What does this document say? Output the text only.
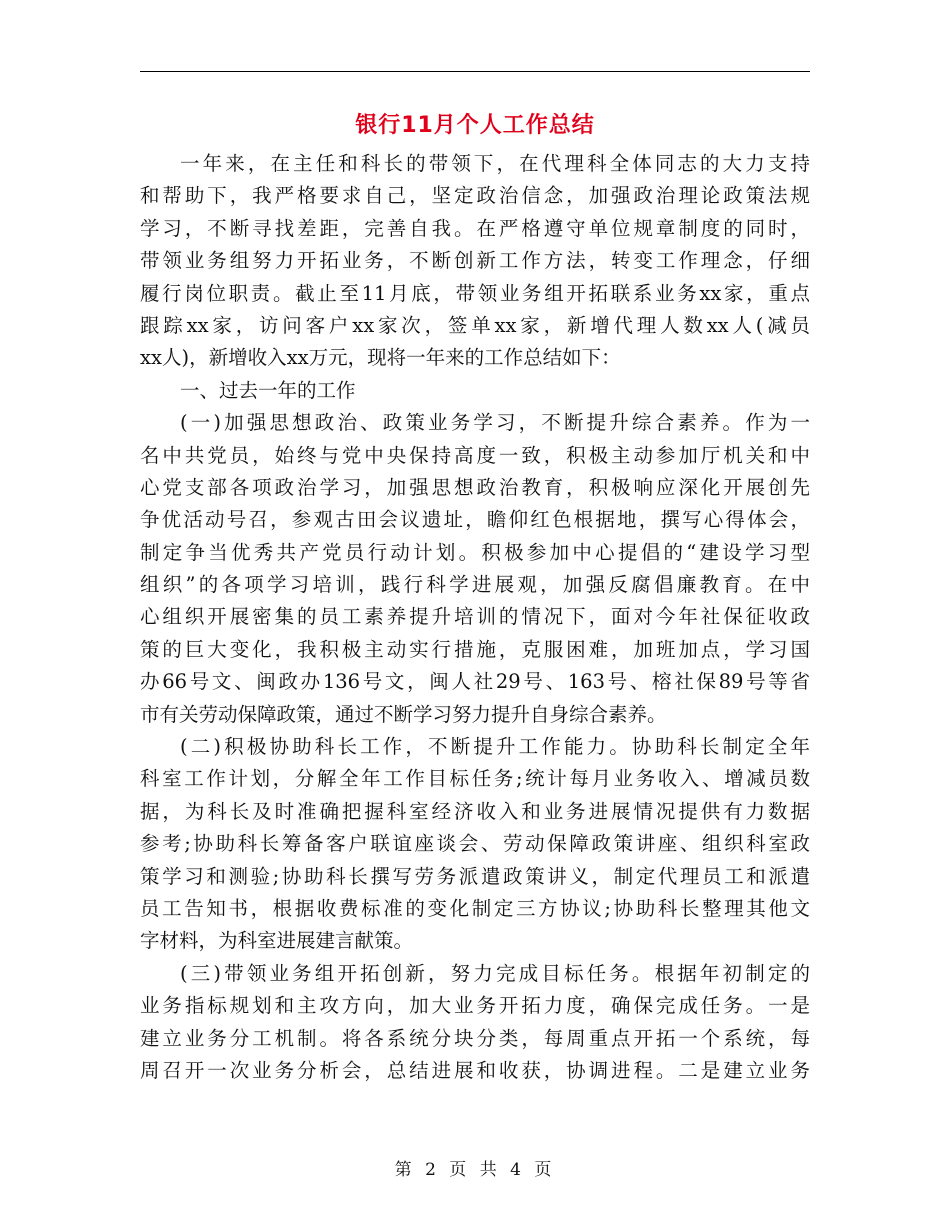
银行11月个人工作总结
一年来，在主任和科长的带领下，在代理科全体同志的大力支持
和帮助下，我严格要求自己，坚定政治信念，加强政治理论政策法规
学习，不断寻找差距，完善自我。在严格遵守单位规章制度的同时，
带领业务组努力开拓业务，不断创新工作方法，转变工作理念，仔细
履行岗位职责。截止至11月底，带领业务组开拓联系业务xx家，重点
跟踪xx家，访问客户xx家次，签单xx家，新增代理人数xx人(减员
xx人)，新增收入xx万元，现将一年来的工作总结如下：
一、过去一年的工作
(一)加强思想政治、政策业务学习，不断提升综合素养。作为一
名中共党员，始终与党中央保持高度一致，积极主动参加厅机关和中
心党支部各项政治学习，加强思想政治教育，积极响应深化开展创先
争优活动号召，参观古田会议遗址，瞻仰红色根据地，撰写心得体会，
制定争当优秀共产党员行动计划。积极参加中心提倡的“建设学习型
组织”的各项学习培训，践行科学进展观，加强反腐倡廉教育。在中
心组织开展密集的员工素养提升培训的情况下，面对今年社保征收政
策的巨大变化，我积极主动实行措施，克服困难，加班加点，学习国
办66号文、闽政办136号文，闽人社29号、163号、榕社保89号等省
市有关劳动保障政策，通过不断学习努力提升自身综合素养。
(二)积极协助科长工作，不断提升工作能力。协助科长制定全年
科室工作计划，分解全年工作目标任务;统计每月业务收入、增减员数
据，为科长及时准确把握科室经济收入和业务进展情况提供有力数据
参考;协助科长筹备客户联谊座谈会、劳动保障政策讲座、组织科室政
策学习和测验;协助科长撰写劳务派遣政策讲义，制定代理员工和派遣
员工告知书，根据收费标准的变化制定三方协议;协助科长整理其他文
字材料，为科室进展建言献策。
(三)带领业务组开拓创新，努力完成目标任务。根据年初制定的
业务指标规划和主攻方向，加大业务开拓力度，确保完成任务。一是
建立业务分工机制。将各系统分块分类，每周重点开拓一个系统，每
周召开一次业务分析会，总结进展和收获，协调进程。二是建立业务
第 2 页 共 4 页
